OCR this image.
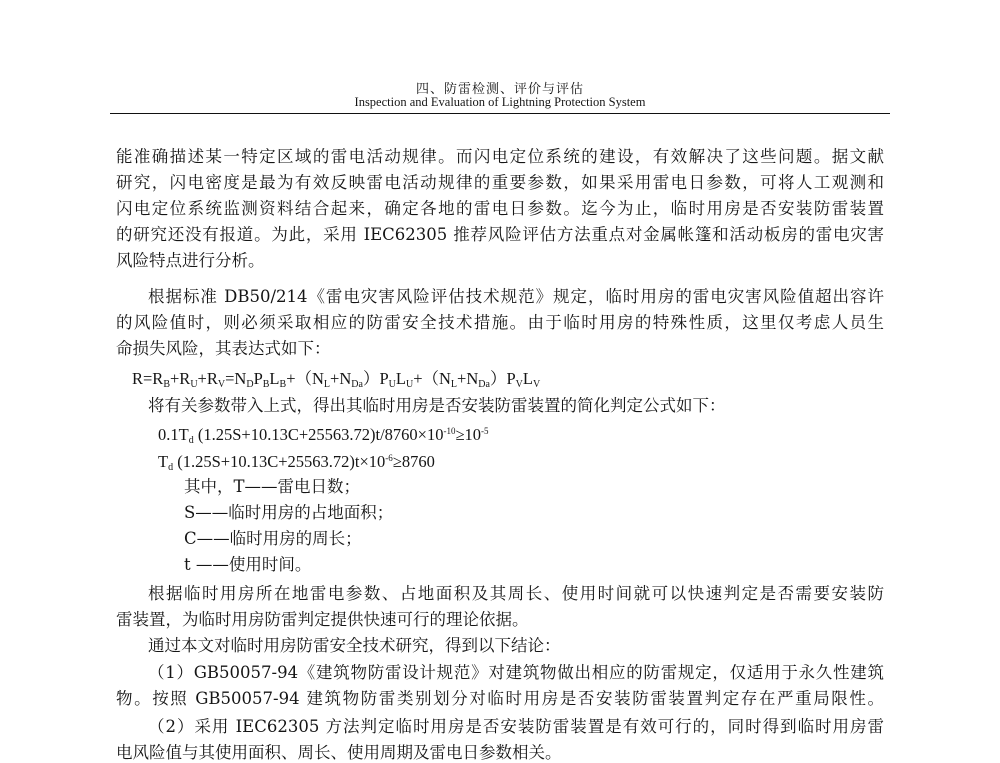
四、防雷检测、评价与评估
Inspection and Evaluation of Lightning Protection System
能准确描述某一特定区域的雷电活动规律。而闪电定位系统的建设，有效解决了这些问题。据文献
研究，闪电密度是最为有效反映雷电活动规律的重要参数，如果采用雷电日参数，可将人工观测和
闪电定位系统监测资料结合起来，确定各地的雷电日参数。迄今为止，临时用房是否安装防雷装置
的研究还没有报道。为此，采用 IEC62305 推荐风险评估方法重点对金属帐篷和活动板房的雷电灾害
风险特点进行分析。
根据标准 DB50/214《雷电灾害风险评估技术规范》规定，临时用房的雷电灾害风险值超出容许
的风险值时，则必须采取相应的防雷安全技术措施。由于临时用房的特殊性质，这里仅考虑人员生
命损失风险，其表达式如下：
$R=R_B+R_U+R_V=N_DP_BL_B+(N_L+N_{Da})P_UL_U+(N_L+N_{Da})P_VL_V$
将有关参数带入上式，得出其临时用房是否安装防雷装置的简化判定公式如下：
$0.1T_d$ $(1.25S+10.13C+25563.72)t/8760\times 10^{-10}\ge 10^{-5}$
$T_d$ $(1.25S+10.13C+25563.72)t\times 10^{-6}\ge 8760$
其中，T——雷电日数；
S——临时用房的占地面积；
C——临时用房的周长；
t ——使用时间。
根据临时用房所在地雷电参数、占地面积及其周长、使用时间就可以快速判定是否需要安装防
雷装置，为临时用房防雷判定提供快速可行的理论依据。
通过本文对临时用房防雷安全技术研究，得到以下结论：
（1）GB50057-94《建筑物防雷设计规范》对建筑物做出相应的防雷规定，仅适用于永久性建筑
物。按照 GB50057-94 建筑物防雷类别划分对临时用房是否安装防雷装置判定存在严重局限性。
（2）采用 IEC62305 方法判定临时用房是否安装防雷装置是有效可行的，同时得到临时用房雷
电风险值与其使用面积、周长、使用周期及雷电日参数相关。
